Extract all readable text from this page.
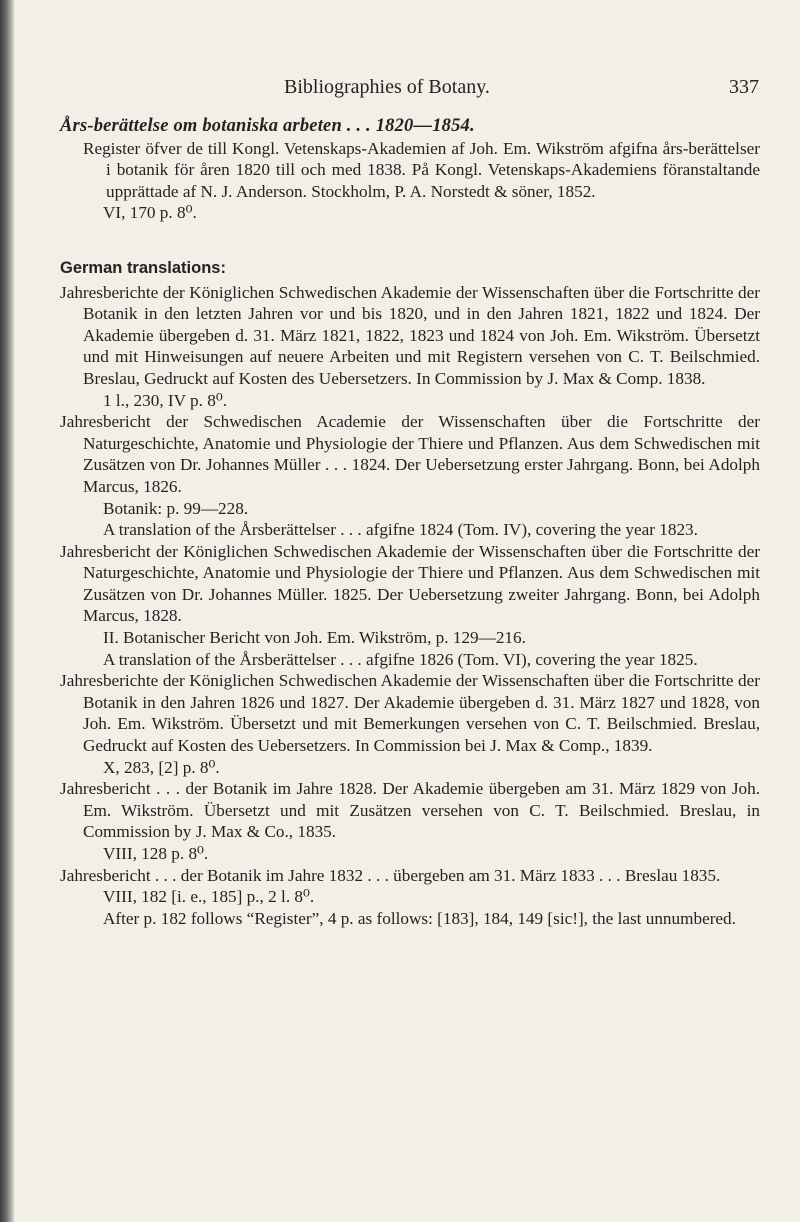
Bibliographies of Botany.	337

Års-berättelse om botaniska arbeten . . . 1820—1854.

Register öfver de till Kongl. Vetenskaps-Akademien af Joh. Em. Wikström afgifna års-berättelser i botanik för åren 1820 till och med 1838. På Kongl. Vetenskaps-Akademiens föranstaltande upprättade af N. J. Anderson. Stockholm, P. A. Norstedt & söner, 1852.

VI, 170 p. 8⁰.

German translations:

Jahresberichte der Königlichen Schwedischen Akademie der Wissenschaften über die Fortschritte der Botanik in den letzten Jahren vor und bis 1820, und in den Jahren 1821, 1822 und 1824. Der Akademie übergeben d. 31. März 1821, 1822, 1823 und 1824 von Joh. Em. Wikström. Übersetzt und mit Hinweisungen auf neuere Arbeiten und mit Registern versehen von C. T. Beilschmied. Breslau, Gedruckt auf Kosten des Uebersetzers. In Commission by J. Max & Comp. 1838.

1 l., 230, IV p. 8⁰.

Jahresbericht der Schwedischen Academie der Wissenschaften über die Fortschritte der Naturgeschichte, Anatomie und Physiologie der Thiere und Pflanzen. Aus dem Schwedischen mit Zusätzen von Dr. Johannes Müller . . . 1824. Der Uebersetzung erster Jahrgang. Bonn, bei Adolph Marcus, 1826.

Botanik: p. 99—228.

A translation of the Årsberättelser . . . afgifne 1824 (Tom. IV), covering the year 1823.

Jahresbericht der Königlichen Schwedischen Akademie der Wissenschaften über die Fortschritte der Naturgeschichte, Anatomie und Physiologie der Thiere und Pflanzen. Aus dem Schwedischen mit Zusätzen von Dr. Johannes Müller. 1825. Der Uebersetzung zweiter Jahrgang. Bonn, bei Adolph Marcus, 1828.

II. Botanischer Bericht von Joh. Em. Wikström, p. 129—216.

A translation of the Årsberättelser . . . afgifne 1826 (Tom. VI), covering the year 1825.

Jahresberichte der Königlichen Schwedischen Akademie der Wissenschaften über die Fortschritte der Botanik in den Jahren 1826 und 1827. Der Akademie übergeben d. 31. März 1827 und 1828, von Joh. Em. Wikström. Übersetzt und mit Bemerkungen versehen von C. T. Beilschmied. Breslau, Gedruckt auf Kosten des Uebersetzers. In Commission bei J. Max & Comp., 1839.

X, 283, [2] p. 8⁰.

Jahresbericht . . . der Botanik im Jahre 1828. Der Akademie übergeben am 31. März 1829 von Joh. Em. Wikström. Übersetzt und mit Zusätzen versehen von C. T. Beilschmied. Breslau, in Commission by J. Max & Co., 1835.

VIII, 128 p. 8⁰.

Jahresbericht . . . der Botanik im Jahre 1832 . . . übergeben am 31. März 1833 . . . Breslau 1835.

VIII, 182 [i. e., 185] p., 2 l. 8⁰.

After p. 182 follows “Register”, 4 p. as follows: [183], 184, 149 [sic!], the last unnumbered.
